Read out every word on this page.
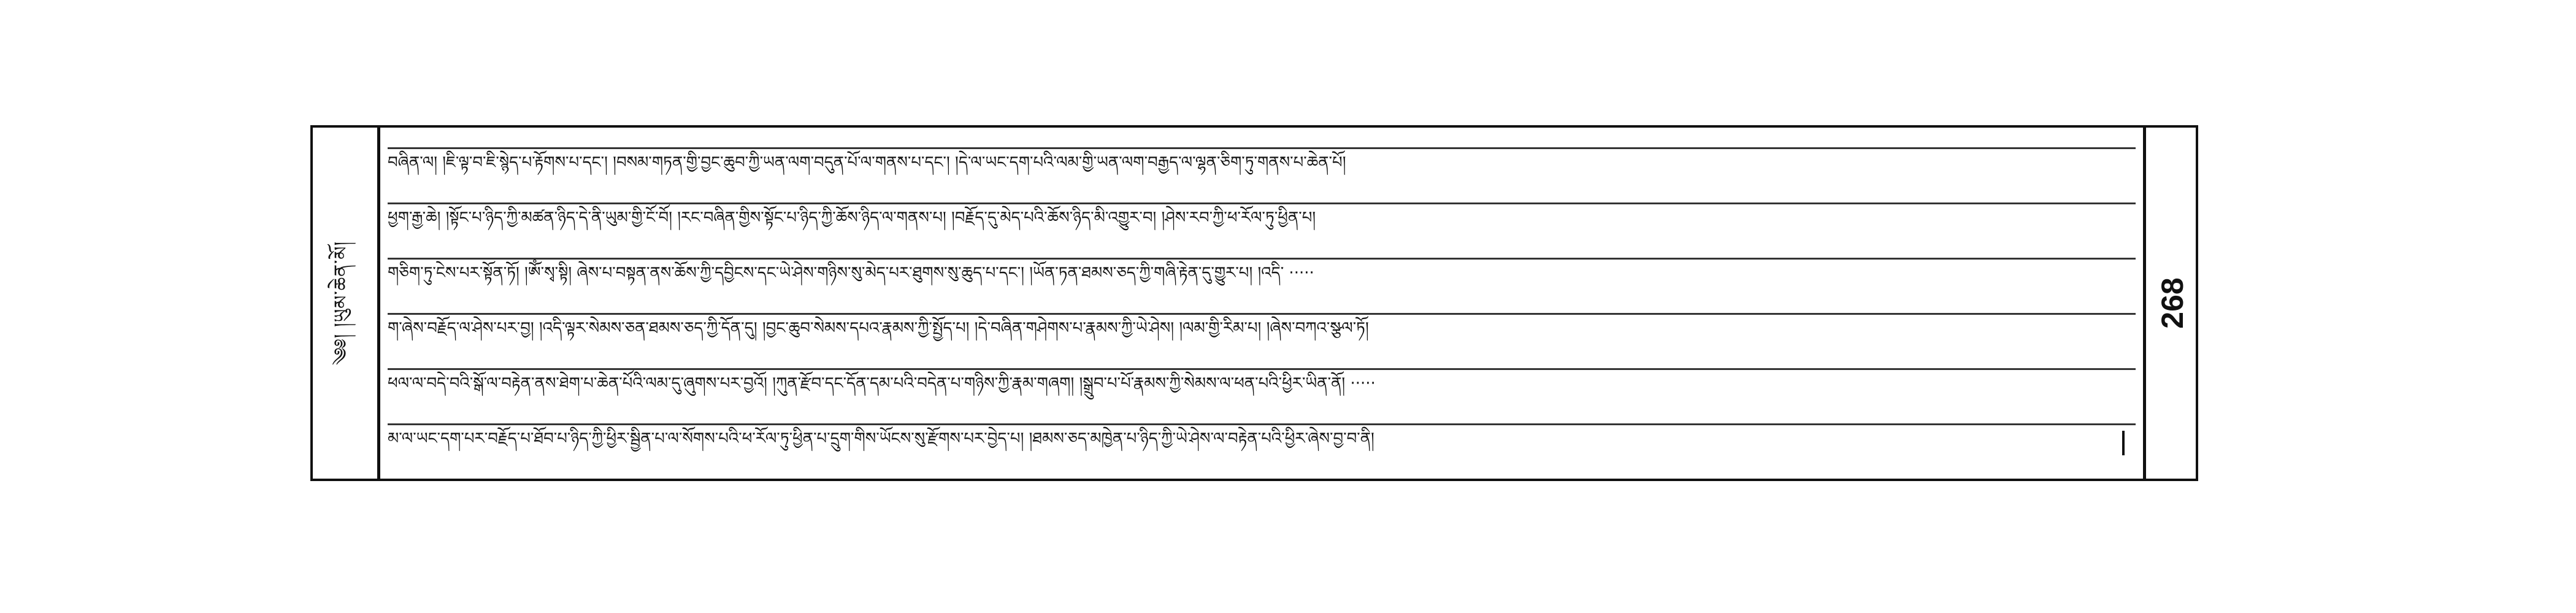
༄༅། །ཡུམ་ཆེན་མོ།
བཞིན་ལ། །ཇི་ལྟ་བ་ཇི་སྙེད་པ་རྟོགས་པ་དང་། །བསམ་གཏན་གྱི་བྱང་ཆུབ་ཀྱི་ཡན་ལག་བདུན་པོ་ལ་གནས་པ་དང་། །དེ་ལ་ཡང་དག་པའི་ལམ་གྱི་ཡན་ལག་བརྒྱད་ལ་ལྷན་ཅིག་ཏུ་གནས་པ་ཆེན་པོ།
ཕྱག་རྒྱ་ཆེ། །སྟོང་པ་ཉིད་ཀྱི་མཚན་ཉིད་དེ་ནི་ཡུམ་གྱི་ངོ་བོ། །རང་བཞིན་གྱིས་སྟོང་པ་ཉིད་ཀྱི་ཆོས་ཉིད་ལ་གནས་པ། །བརྗོད་དུ་མེད་པའི་ཆོས་ཉིད་མི་འགྱུར་བ། །ཤེས་རབ་ཀྱི་ཕ་རོལ་ཏུ་ཕྱིན་པ།
གཅིག་ཏུ་ངེས་པར་སྟོན་ཏོ། །ཨོཾ་སྭ་སྟི། ཞེས་པ་བསྟན་ནས་ཆོས་ཀྱི་དབྱིངས་དང་ཡེ་ཤེས་གཉིས་སུ་མེད་པར་ཐུགས་སུ་ཆུད་པ་དང་། །ཡོན་ཏན་ཐམས་ཅད་ཀྱི་གཞི་རྟེན་དུ་གྱུར་པ། །འདི་ ·····
ག་ཞེས་བརྗོད་ལ་ཤེས་པར་བྱ། །འདི་ལྟར་སེམས་ཅན་ཐམས་ཅད་ཀྱི་དོན་དུ། །བྱང་ཆུབ་སེམས་དཔའ་རྣམས་ཀྱི་སྤྱོད་པ། །དེ་བཞིན་གཤེགས་པ་རྣམས་ཀྱི་ཡེ་ཤེས། །ལམ་གྱི་རིམ་པ། །ཞེས་བཀའ་སྩལ་ཏོ།
ཕལ་ལ་བདེ་བའི་སྒོ་ལ་བརྟེན་ནས་ཐེག་པ་ཆེན་པོའི་ལམ་དུ་ཞུགས་པར་བྱའོ། །ཀུན་རྫོབ་དང་དོན་དམ་པའི་བདེན་པ་གཉིས་ཀྱི་རྣམ་གཞག། །སྒྲུབ་པ་པོ་རྣམས་ཀྱི་སེམས་ལ་ཕན་པའི་ཕྱིར་ཡིན་ནོ། ·····
མ་ལ་ཡང་དག་པར་བརྗོད་པ་ཐོབ་པ་ཉིད་ཀྱི་ཕྱིར་སྦྱིན་པ་ལ་སོགས་པའི་ཕ་རོལ་ཏུ་ཕྱིན་པ་དྲུག་གིས་ཡོངས་སུ་རྫོགས་པར་བྱེད་པ། །ཐམས་ཅད་མཁྱེན་པ་ཉིད་ཀྱི་ཡེ་ཤེས་ལ་བརྟེན་པའི་ཕྱིར་ཞེས་བྱ་བ་ནི།
268
